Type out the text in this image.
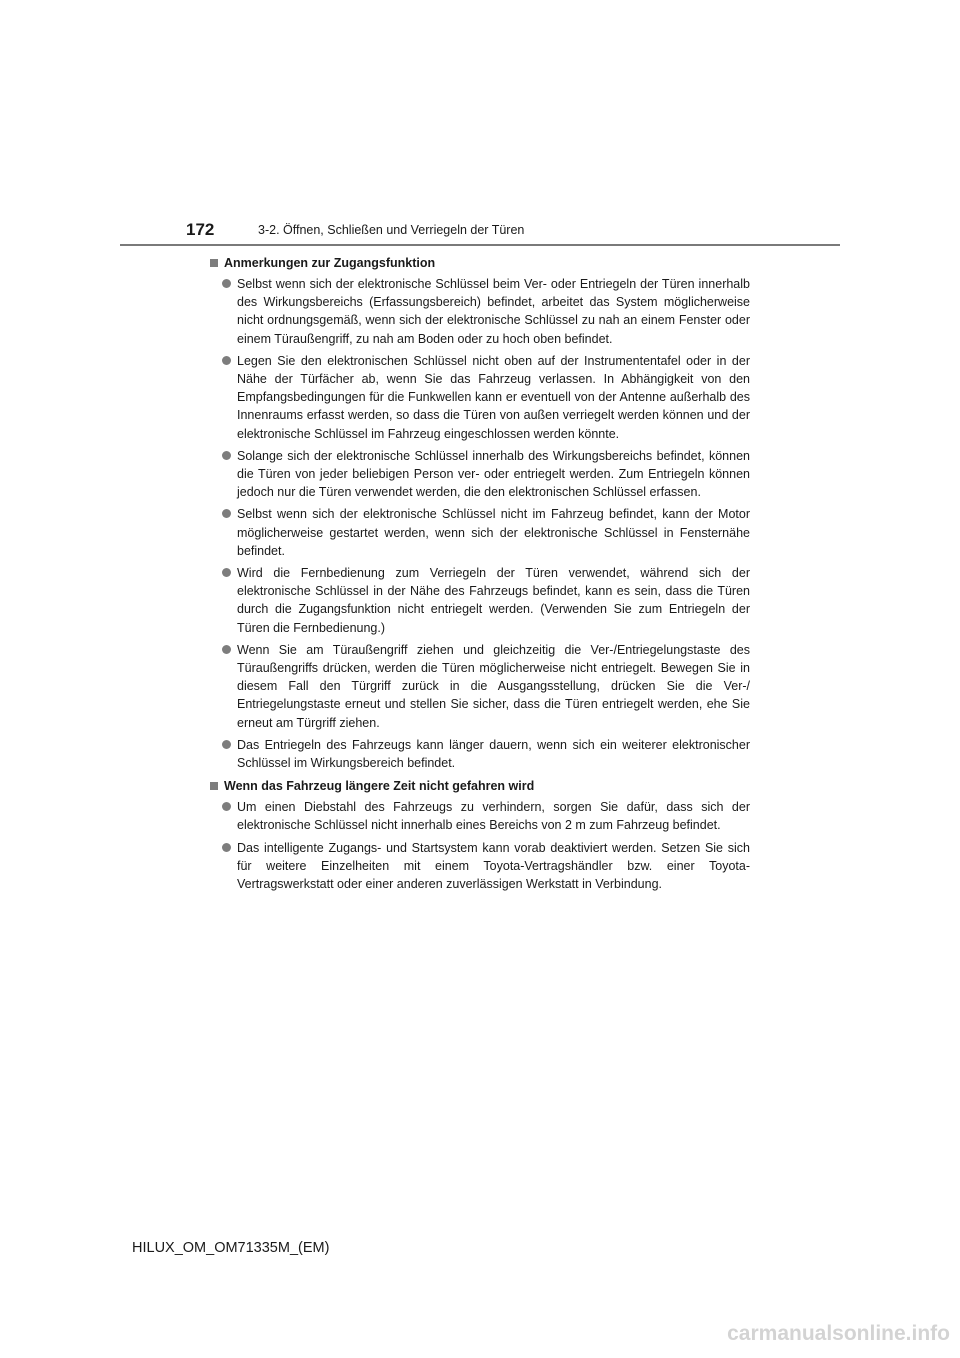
172	3-2. Öffnen, Schließen und Verriegeln der Türen
Anmerkungen zur Zugangsfunktion
Selbst wenn sich der elektronische Schlüssel beim Ver- oder Entriegeln der Türen innerhalb des Wirkungsbereichs (Erfassungsbereich) befindet, arbeitet das System möglicherweise nicht ordnungsgemäß, wenn sich der elektronische Schlüssel zu nah an einem Fenster oder einem Türaußengriff, zu nah am Boden oder zu hoch oben befindet.
Legen Sie den elektronischen Schlüssel nicht oben auf der Instrumententafel oder in der Nähe der Türfächer ab, wenn Sie das Fahrzeug verlassen. In Abhängigkeit von den Empfangsbedingungen für die Funkwellen kann er eventuell von der Antenne außerhalb des Innenraums erfasst werden, so dass die Türen von außen verriegelt werden können und der elektronische Schlüssel im Fahrzeug eingeschlossen werden könnte.
Solange sich der elektronische Schlüssel innerhalb des Wirkungsbereichs befindet, können die Türen von jeder beliebigen Person ver- oder entriegelt werden. Zum Entriegeln können jedoch nur die Türen verwendet werden, die den elektronischen Schlüssel erfassen.
Selbst wenn sich der elektronische Schlüssel nicht im Fahrzeug befindet, kann der Motor möglicherweise gestartet werden, wenn sich der elektronische Schlüssel in Fensternähe befindet.
Wird die Fernbedienung zum Verriegeln der Türen verwendet, während sich der elektronische Schlüssel in der Nähe des Fahrzeugs befindet, kann es sein, dass die Türen durch die Zugangsfunktion nicht entriegelt werden. (Verwenden Sie zum Entriegeln der Türen die Fernbedienung.)
Wenn Sie am Türaußengriff ziehen und gleichzeitig die Ver-/Entriegelungstaste des Türaußengriffs drücken, werden die Türen möglicherweise nicht entriegelt. Bewegen Sie in diesem Fall den Türgriff zurück in die Ausgangsstellung, drücken Sie die Ver-/ Entriegelungstaste erneut und stellen Sie sicher, dass die Türen entriegelt werden, ehe Sie erneut am Türgriff ziehen.
Das Entriegeln des Fahrzeugs kann länger dauern, wenn sich ein weiterer elektronischer Schlüssel im Wirkungsbereich befindet.
Wenn das Fahrzeug längere Zeit nicht gefahren wird
Um einen Diebstahl des Fahrzeugs zu verhindern, sorgen Sie dafür, dass sich der elektronische Schlüssel nicht innerhalb eines Bereichs von 2 m zum Fahrzeug befindet.
Das intelligente Zugangs- und Startsystem kann vorab deaktiviert werden. Setzen Sie sich für weitere Einzelheiten mit einem Toyota-Vertragshändler bzw. einer Toyota-Vertragswerkstatt oder einer anderen zuverlässigen Werkstatt in Verbindung.
HILUX_OM_OM71335M_(EM)
carmanualsonline.info
